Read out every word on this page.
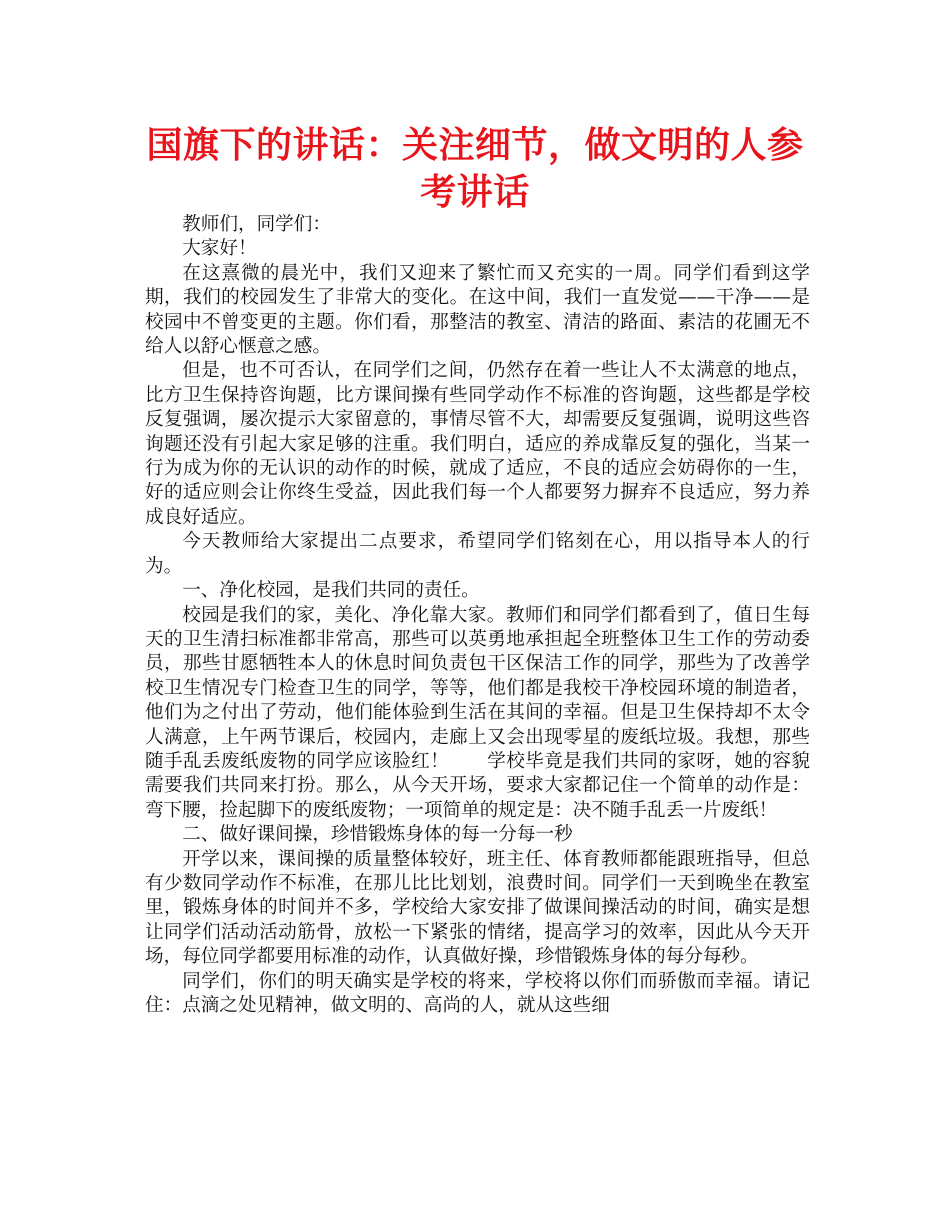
国旗下的讲话：关注细节，做文明的人参考讲话

教师们，同学们：

大家好！

在这熹微的晨光中，我们又迎来了繁忙而又充实的一周。同学们看到这学期，我们的校园发生了非常大的变化。在这中间，我们一直发觉——干净——是校园中不曾变更的主题。你们看，那整洁的教室、清洁的路面、素洁的花圃无不给人以舒心惬意之感。

但是，也不可否认，在同学们之间，仍然存在着一些让人不太满意的地点，比方卫生保持咨询题，比方课间操有些同学动作不标准的咨询题，这些都是学校反复强调，屡次提示大家留意的，事情尽管不大，却需要反复强调，说明这些咨询题还没有引起大家足够的注重。我们明白，适应的养成靠反复的强化，当某一行为成为你的无认识的动作的时候，就成了适应，不良的适应会妨碍你的一生，好的适应则会让你终生受益，因此我们每一个人都要努力摒弃不良适应，努力养成良好适应。

今天教师给大家提出二点要求，希望同学们铭刻在心，用以指导本人的行为。

一、净化校园，是我们共同的责任。

校园是我们的家，美化、净化靠大家。教师们和同学们都看到了，值日生每天的卫生清扫标准都非常高，那些可以英勇地承担起全班整体卫生工作的劳动委员，那些甘愿牺牲本人的休息时间负责包干区保洁工作的同学，那些为了改善学校卫生情况专门检查卫生的同学，等等，他们都是我校干净校园环境的制造者，他们为之付出了劳动，他们能体验到生活在其间的幸福。但是卫生保持却不太令人满意，上午两节课后，校园内，走廊上又会出现零星的废纸垃圾。我想，那些随手乱丢废纸废物的同学应该脸红！　　学校毕竟是我们共同的家呀，她的容貌需要我们共同来打扮。那么，从今天开场，要求大家都记住一个简单的动作是：弯下腰，捡起脚下的废纸废物；一项简单的规定是：决不随手乱丢一片废纸！

二、做好课间操，珍惜锻炼身体的每一分每一秒

开学以来，课间操的质量整体较好，班主任、体育教师都能跟班指导，但总有少数同学动作不标准，在那儿比比划划，浪费时间。同学们一天到晚坐在教室里，锻炼身体的时间并不多，学校给大家安排了做课间操活动的时间，确实是想让同学们活动活动筋骨，放松一下紧张的情绪，提高学习的效率，因此从今天开场，每位同学都要用标准的动作，认真做好操，珍惜锻炼身体的每分每秒。

同学们，你们的明天确实是学校的将来，学校将以你们而骄傲而幸福。请记住：点滴之处见精神，做文明的、高尚的人，就从这些细
